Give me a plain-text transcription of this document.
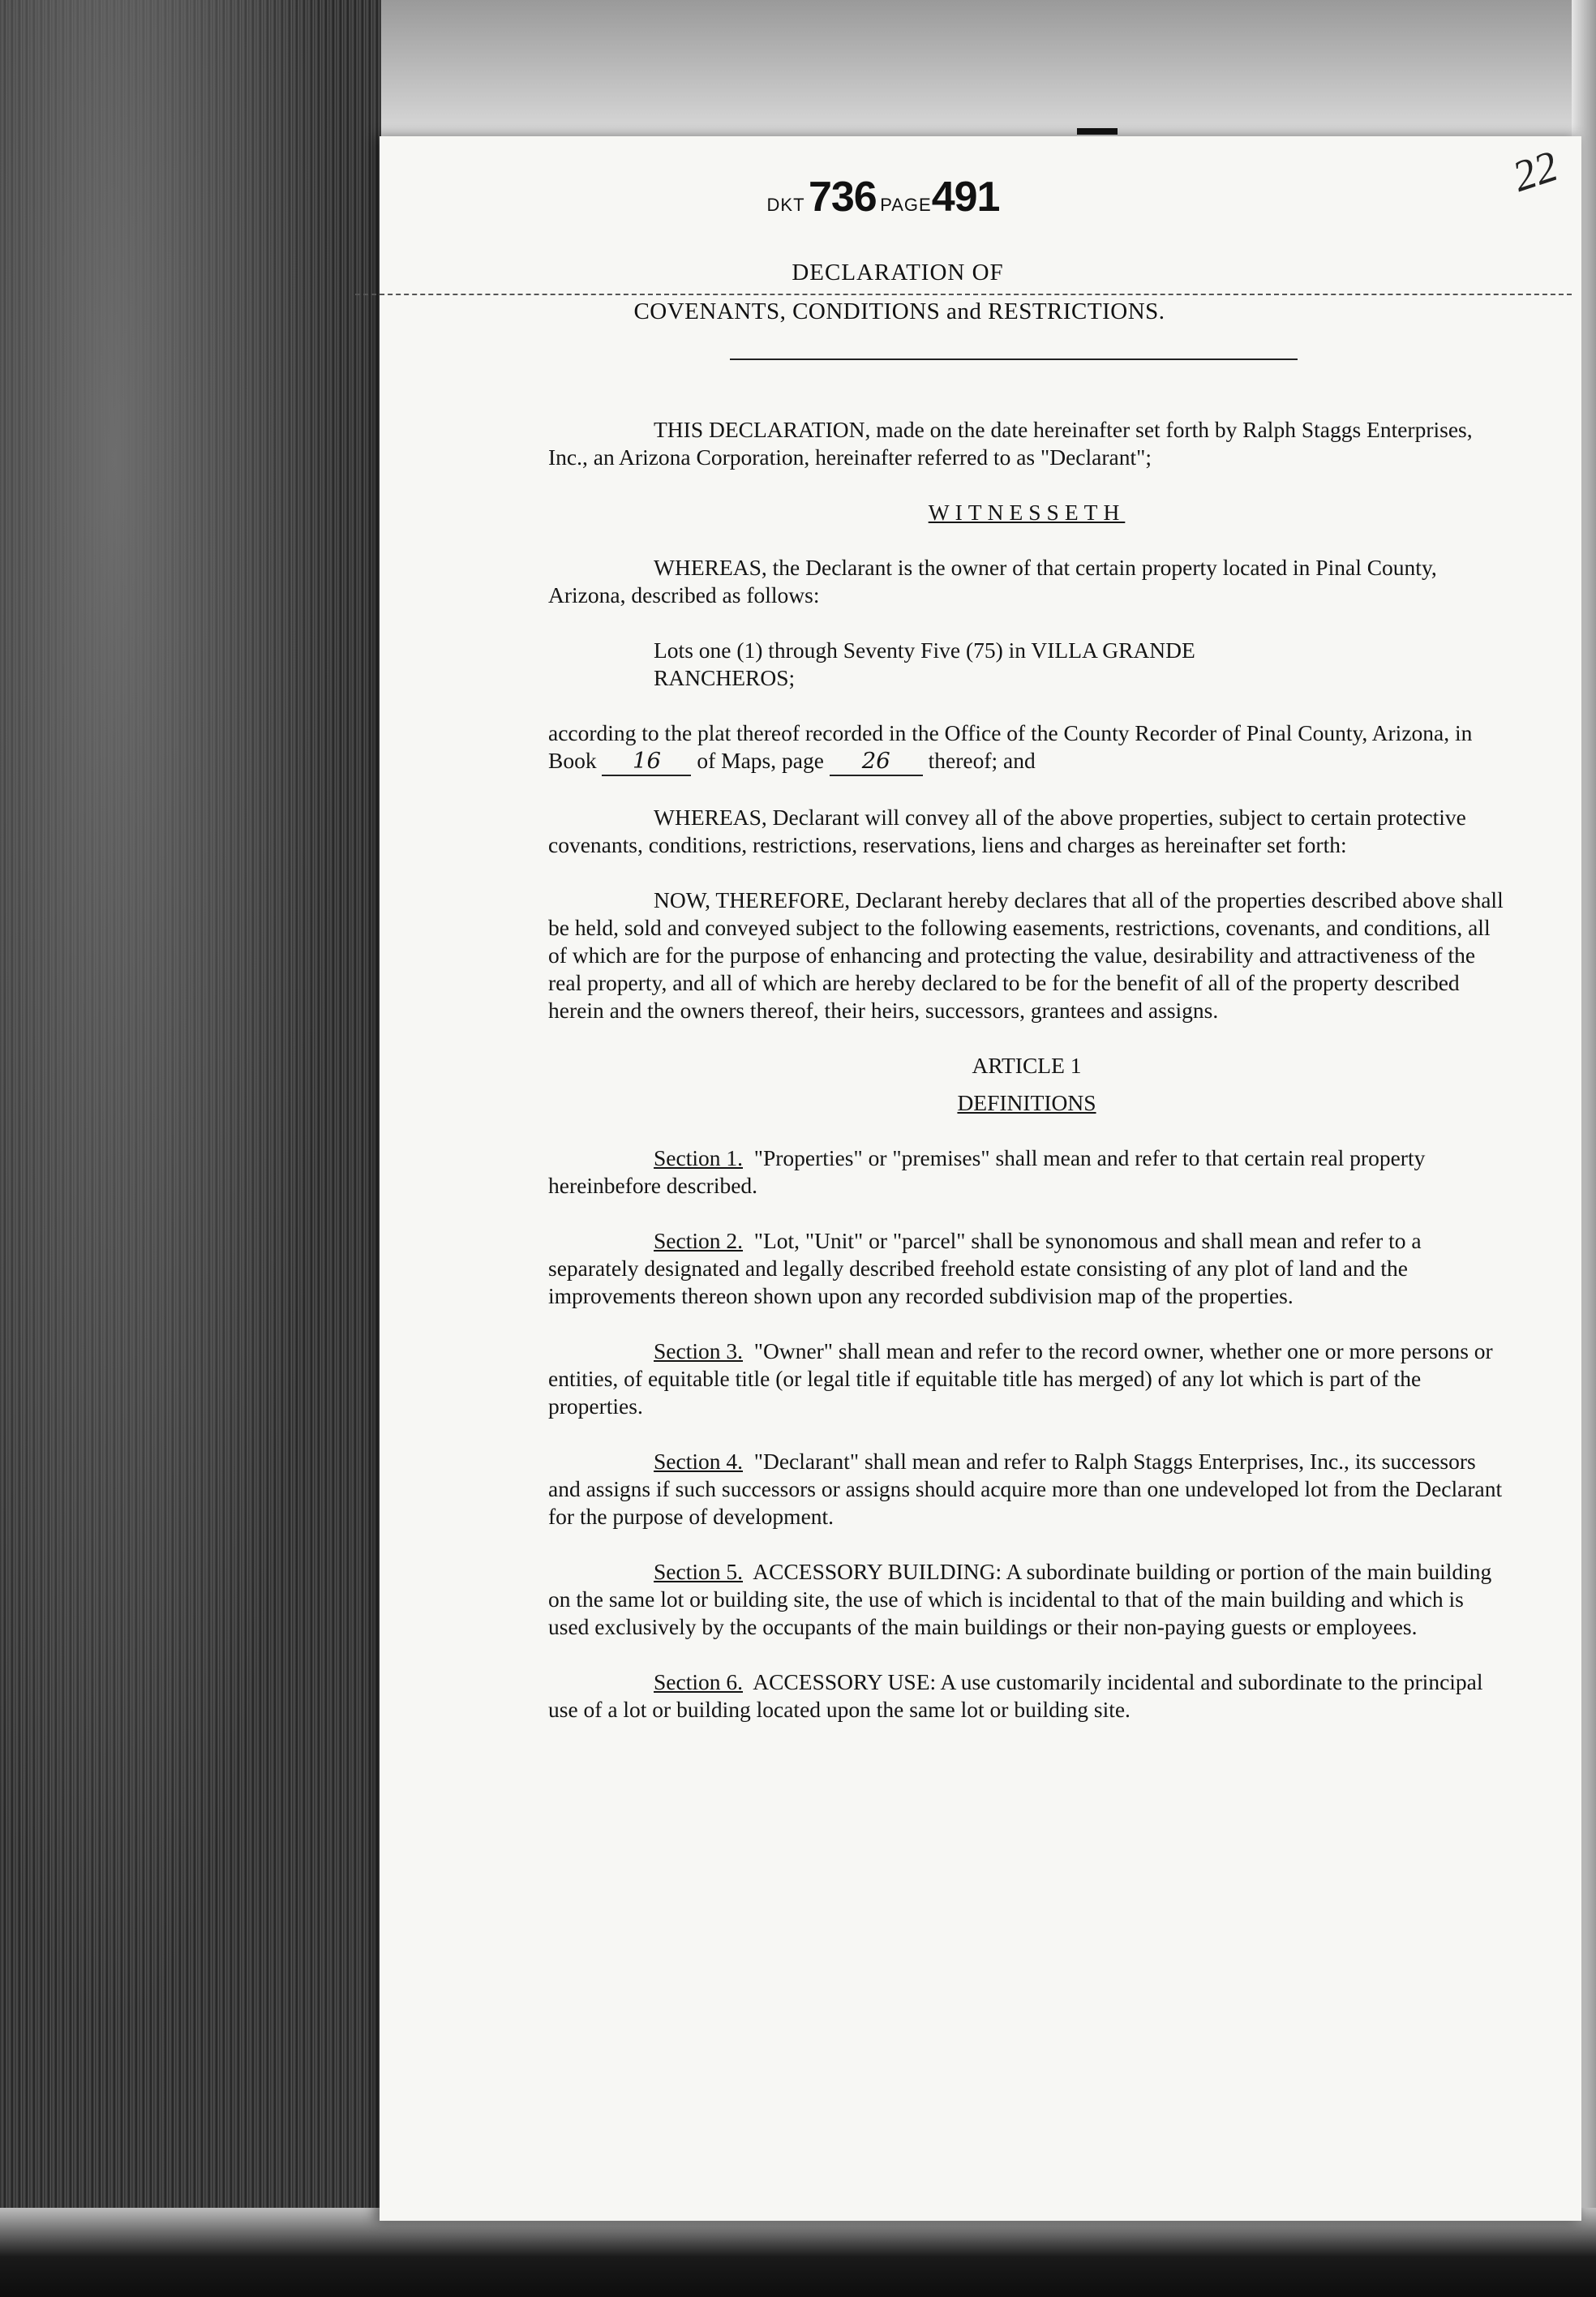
DKT 736 PAGE491	22
DECLARATION OF
COVENANTS, CONDITIONS and RESTRICTIONS.

THIS DECLARATION, made on the date hereinafter set forth by Ralph Staggs Enterprises, Inc., an Arizona Corporation, hereinafter referred to as "Declarant";

WITNESSETH

WHEREAS, the Declarant is the owner of that certain property located in Pinal County, Arizona, described as follows:

Lots one (1) through Seventy Five (75) in VILLA GRANDE RANCHEROS;

according to the plat thereof recorded in the Office of the County Recorder of Pinal County, Arizona, in Book 16 of Maps, page 26 thereof; and

WHEREAS, Declarant will convey all of the above properties, subject to certain protective covenants, conditions, restrictions, reservations, liens and charges as hereinafter set forth:

NOW, THEREFORE, Declarant hereby declares that all of the properties described above shall be held, sold and conveyed subject to the following easements, restrictions, covenants, and conditions, all of which are for the purpose of enhancing and protecting the value, desirability and attractiveness of the real property, and all of which are hereby declared to be for the benefit of all of the property described herein and the owners thereof, their heirs, successors, grantees and assigns.

ARTICLE 1
DEFINITIONS

Section 1. "Properties" or "premises" shall mean and refer to that certain real property hereinbefore described.

Section 2. "Lot, "Unit" or "parcel" shall be synonomous and shall mean and refer to a separately designated and legally described freehold estate consisting of any plot of land and the improvements thereon shown upon any recorded subdivision map of the properties.

Section 3. "Owner" shall mean and refer to the record owner, whether one or more persons or entities, of equitable title (or legal title if equitable title has merged) of any lot which is part of the properties.

Section 4. "Declarant" shall mean and refer to Ralph Staggs Enterprises, Inc., its successors and assigns if such successors or assigns should acquire more than one undeveloped lot from the Declarant for the purpose of development.

Section 5. ACCESSORY BUILDING: A subordinate building or portion of the main building on the same lot or building site, the use of which is incidental to that of the main building and which is used exclusively by the occupants of the main buildings or their non-paying guests or employees.

Section 6. ACCESSORY USE: A use customarily incidental and subordinate to the principal use of a lot or building located upon the same lot or building site.
